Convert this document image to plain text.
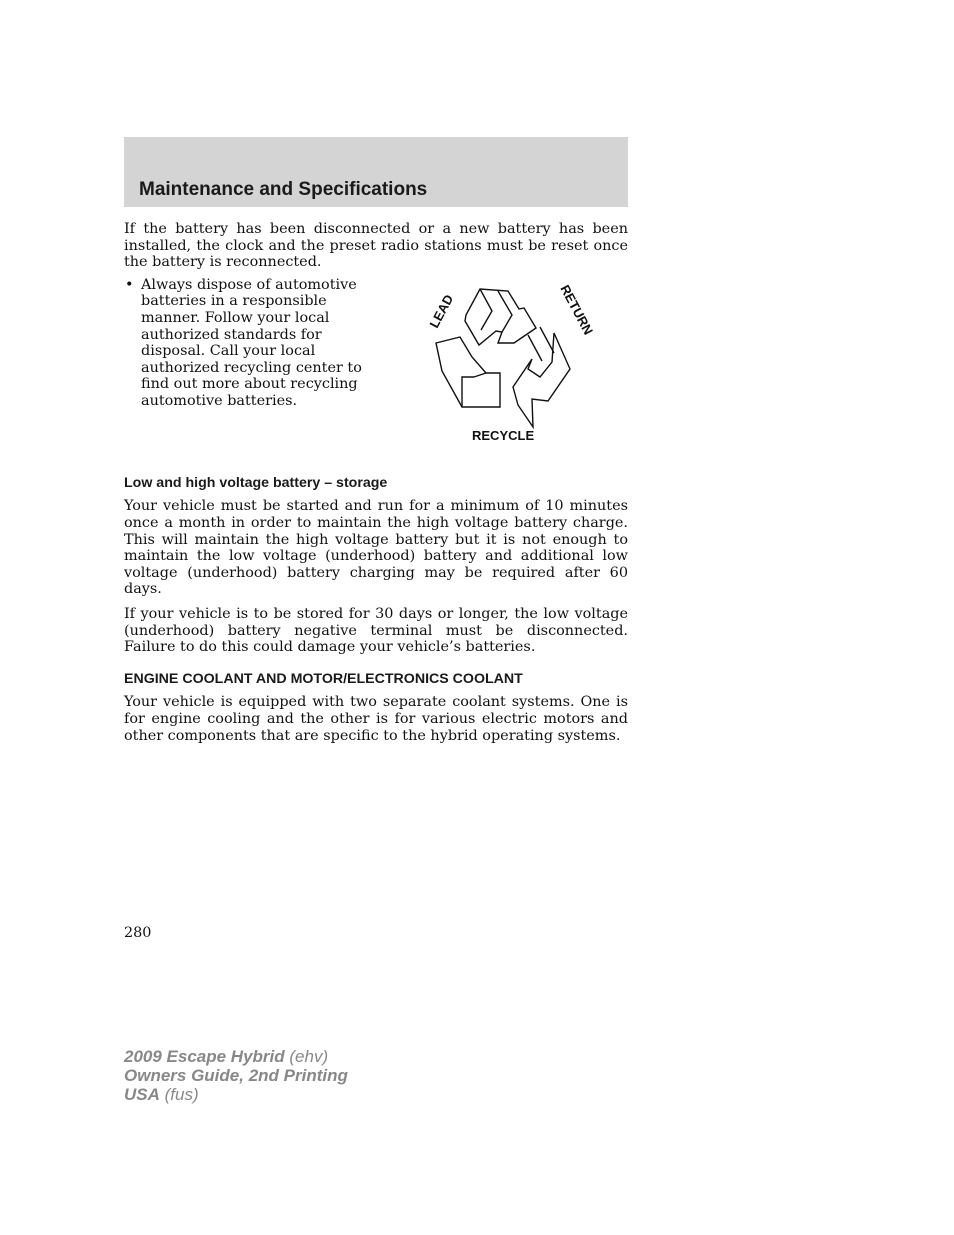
Maintenance and Specifications

If the battery has been disconnected or a new battery has been installed, the clock and the preset radio stations must be reset once the battery is reconnected.

• Always dispose of automotive batteries in a responsible manner. Follow your local authorized standards for disposal. Call your local authorized recycling center to find out more about recycling automotive batteries.

LEAD	RETURN
RECYCLE
Low and high voltage battery – storage

Your vehicle must be started and run for a minimum of 10 minutes once a month in order to maintain the high voltage battery charge. This will maintain the high voltage battery but it is not enough to maintain the low voltage (underhood) battery and additional low voltage (underhood) battery charging may be required after 60 days.

If your vehicle is to be stored for 30 days or longer, the low voltage (underhood) battery negative terminal must be disconnected. Failure to do this could damage your vehicle’s batteries.

ENGINE COOLANT AND MOTOR/ELECTRONICS COOLANT

Your vehicle is equipped with two separate coolant systems. One is for engine cooling and the other is for various electric motors and other components that are specific to the hybrid operating systems.

280
2009 Escape Hybrid (ehv)
Owners Guide, 2nd Printing
USA (fus)
